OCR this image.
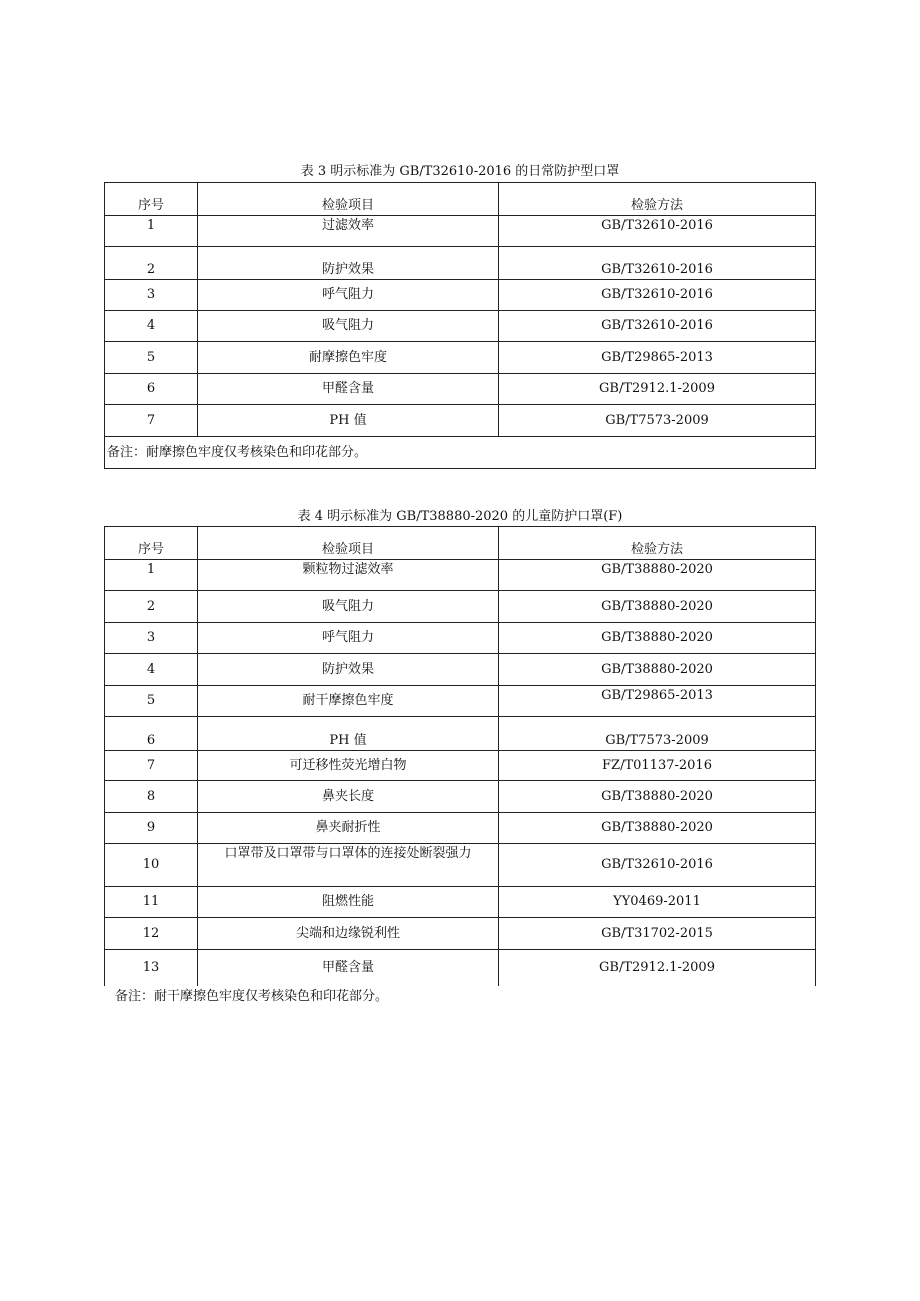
表 3 明示标准为 GB/T32610-2016 的日常防护型口罩
序号	检验项目	检验方法
1	过滤效率	GB/T32610-2016
2	防护效果	GB/T32610-2016
3	呼气阻力	GB/T32610-2016
4	吸气阻力	GB/T32610-2016
5	耐摩擦色牢度	GB/T29865-2013
6	甲醛含量	GB/T2912.1-2009
7	PH 值	GB/T7573-2009
备注：耐摩擦色牢度仅考核染色和印花部分。		
表 4 明示标准为 GB/T38880-2020 的儿童防护口罩(F)
序号	检验项目	检验方法
1	颗粒物过滤效率	GB/T38880-2020
2	吸气阻力	GB/T38880-2020
3	呼气阻力	GB/T38880-2020
4	防护效果	GB/T38880-2020
5	耐干摩擦色牢度	GB/T29865-2013
6	PH 值	GB/T7573-2009
7	可迁移性荧光增白物	FZ/T01137-2016
8	鼻夹长度	GB/T38880-2020
9	鼻夹耐折性	GB/T38880-2020
10	口罩带及口罩带与口罩体的连接处断裂强力	GB/T32610-2016
11	阻燃性能	YY0469-2011
12	尖端和边缘锐利性	GB/T31702-2015
13	甲醛含量	GB/T2912.1-2009
备注：耐干摩擦色牢度仅考核染色和印花部分。
